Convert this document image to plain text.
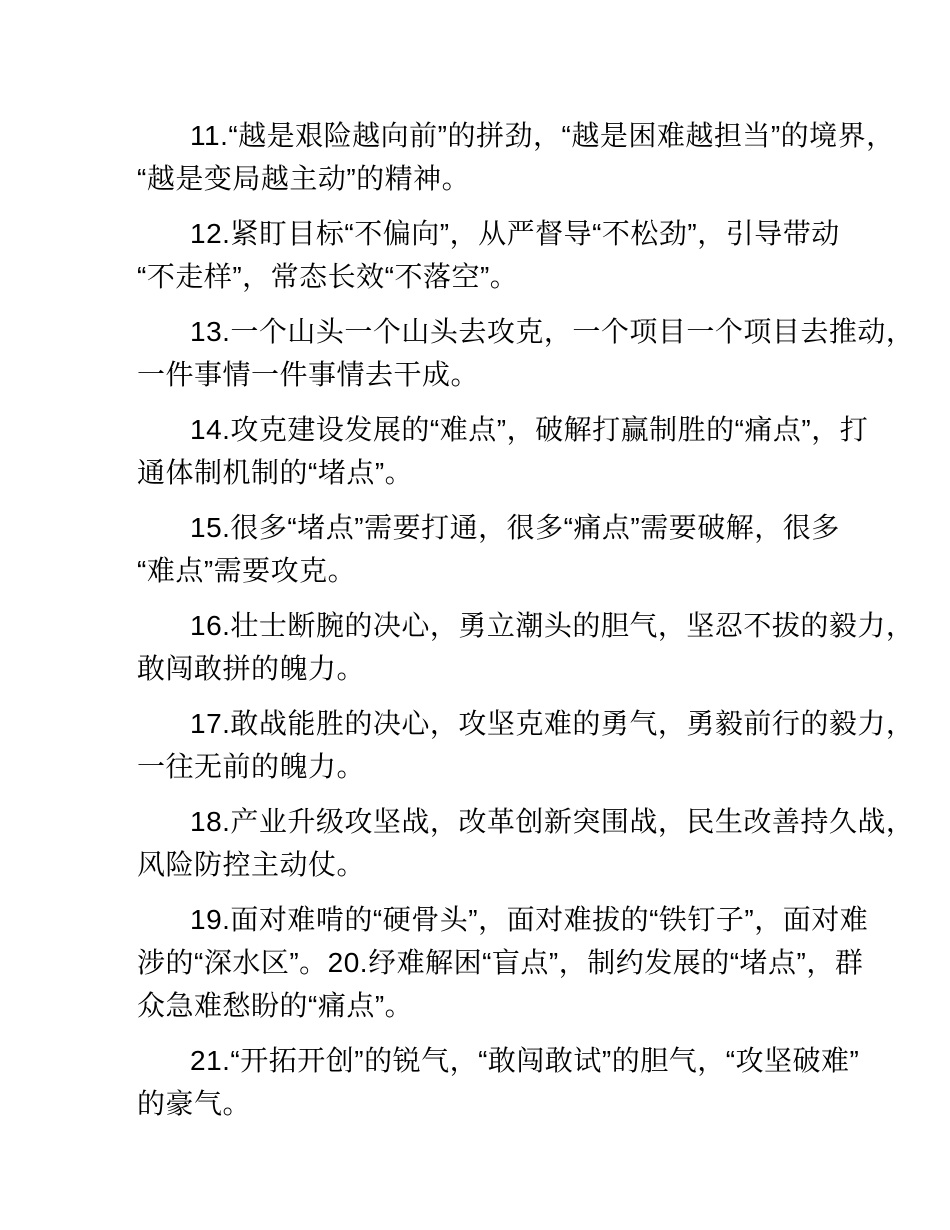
11.“越是艰险越向前”的拼劲，“越是困难越担当”的境界，
“越是变局越主动”的精神。

12.紧盯目标“不偏向”，从严督导“不松劲”，引导带动
“不走样”，常态长效“不落空”。

13.一个山头一个山头去攻克，一个项目一个项目去推动，
一件事情一件事情去干成。

14.攻克建设发展的“难点”，破解打赢制胜的“痛点”，打
通体制机制的“堵点”。

15.很多“堵点”需要打通，很多“痛点”需要破解，很多
“难点”需要攻克。

16.壮士断腕的决心，勇立潮头的胆气，坚忍不拔的毅力，
敢闯敢拼的魄力。

17.敢战能胜的决心，攻坚克难的勇气，勇毅前行的毅力，
一往无前的魄力。

18.产业升级攻坚战，改革创新突围战，民生改善持久战，
风险防控主动仗。

19.面对难啃的“硬骨头”，面对难拔的“铁钉子”，面对难
涉的“深水区”。20.纾难解困“盲点”，制约发展的“堵点”，群
众急难愁盼的“痛点”。

21.“开拓开创”的锐气，“敢闯敢试”的胆气，“攻坚破难”
的豪气。
